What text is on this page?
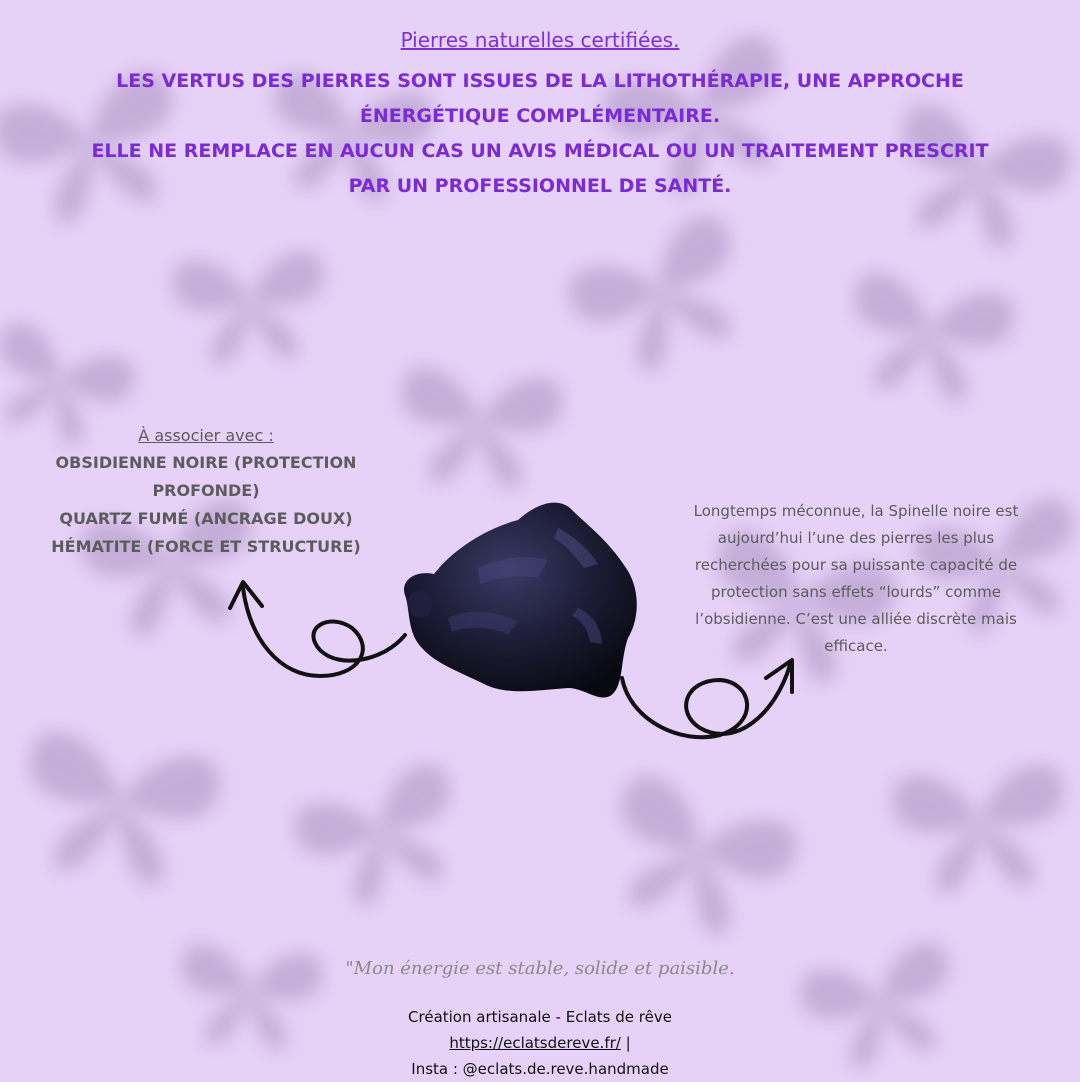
Pierres naturelles certifiées.

LES VERTUS DES PIERRES SONT ISSUES DE LA LITHOTHÉRAPIE, UNE APPROCHE ÉNERGÉTIQUE COMPLÉMENTAIRE.

ELLE NE REMPLACE EN AUCUN CAS UN AVIS MÉDICAL OU UN TRAITEMENT PRESCRIT PAR UN PROFESSIONNEL DE SANTÉ.

À associer avec :
OBSIDIENNE NOIRE (PROTECTION PROFONDE)
QUARTZ FUMÉ (ANCRAGE DOUX)
HÉMATITE (FORCE ET STRUCTURE)
Longtemps méconnue, la Spinelle noire est aujourd’hui l’une des pierres les plus recherchées pour sa puissante capacité de protection sans effets “lourds” comme l’obsidienne. C’est une alliée discrète mais efficace.
"Mon énergie est stable, solide et paisible.
Création artisanale - Eclats de rêve
https://eclatsdereve.fr/ |
Insta : @eclats.de.reve.handmade
